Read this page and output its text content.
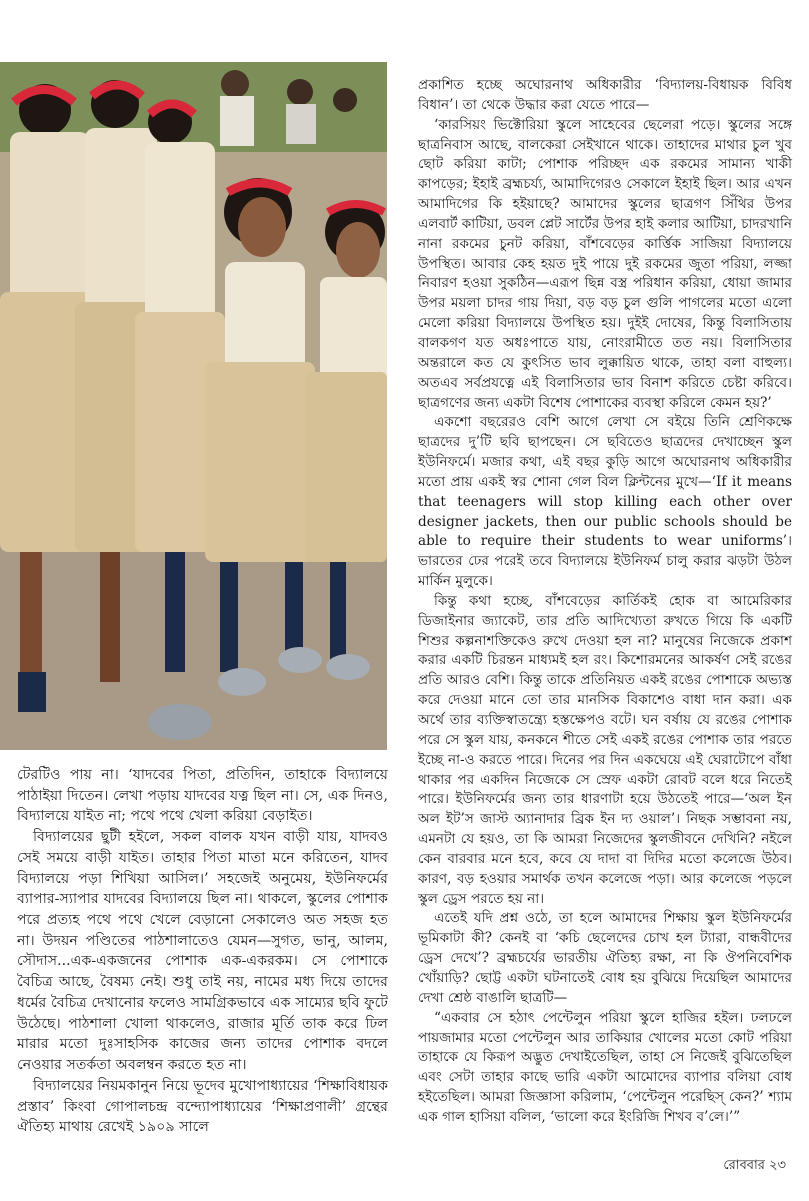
প্রকাশিত হচ্ছে অঘোরনাথ অধিকারীর ‘বিদ্যালয়-বিধায়ক বিবিধ বিধান’। তা থেকে উদ্ধার করা যেতে পারে—

‘কারসিয়ং ভিক্টোরিয়া স্কুলে সাহেবের ছেলেরা পড়ে। স্কুলের সঙ্গে ছাত্রনিবাস আছে, বালকেরা সেইখানে থাকে। তাহাদের মাথার চুল খুব ছোট করিয়া কাটা; পোশাক পরিচ্ছদ এক রকমের সামান্য খাকী কাপড়ের; ইহাই ব্রহ্মচর্য্য, আমাদিগেরও সেকালে ইহাই ছিল। আর এখন আমাদিগের কি হইয়াছে? আমাদের স্কুলের ছাত্রগণ সিঁথির উপর এলবার্ট কাটিয়া, ডবল প্লেট সার্টের উপর হাই কলার আটিয়া, চাদরখানি নানা রকমের চুনট করিয়া, বাঁশবেড়ের কার্ত্তিক সাজিয়া বিদ্যালয়ে উপস্থিত। আবার কেহ হয়ত দুই পায়ে দুই রকমের জুতা পরিয়া, লজ্জা নিবারণ হওয়া সুকঠিন—এরূপ ছিন্ন বস্ত্র পরিধান করিয়া, ধোয়া জামার উপর ময়লা চাদর গায় দিয়া, বড় বড় চুল গুলি পাগলের মতো এলো মেলো করিয়া বিদ্যালয়ে উপস্থিত হয়। দুইই দোষের, কিন্তু বিলাসিতায় বালকগণ যত অধঃপাতে যায়, নোংরামীতে তত নয়। বিলাসিতার অন্তরালে কত যে কুৎসিত ভাব লুক্কায়িত থাকে, তাহা বলা বাহুল্য। অতএব সর্বপ্রযত্নে এই বিলাসিতার ভাব বিনাশ করিতে চেষ্টা করিবে। ছাত্রগণের জন্য একটা বিশেষ পোশাকের ব্যবস্থা করিলে কেমন হয়?’

একশো বছরেরও বেশি আগে লেখা সে বইয়ে তিনি শ্রেণিকক্ষে ছাত্রদের দু’টি ছবি ছাপছেন। সে ছবিতেও ছাত্রদের দেখাচ্ছেন স্কুল ইউনিফর্মে। মজার কথা, এই বছর কুড়ি আগে অঘোরনাথ অধিকারীর মতো প্রায় একই স্বর শোনা গেল বিল ক্লিন্টনের মুখে—‘If it means that teenagers will stop killing each other over designer jackets, then our public schools should be able to require their students to wear uniforms’। ভারতের ঢের পরেই তবে বিদ্যালয়ে ইউনিফর্ম চালু করার ঝড়টা উঠল মার্কিন মুলুকে।

কিন্তু কথা হচ্ছে, বাঁশবেড়ের কার্তিকই হোক বা আমেরিকার ডিজাইনার জ্যাকেট, তার প্রতি আদিখ্যেতা রুখতে গিয়ে কি একটি শিশুর কল্পনাশক্তিকেও রুখে দেওয়া হল না? মানুষের নিজেকে প্রকাশ করার একটি চিরন্তন মাধ্যমই হল রং। কিশোরমনের আকর্ষণ সেই রঙের প্রতি আরও বেশি। কিন্তু তাকে প্রতিনিয়ত একই রঙের পোশাকে অভ্যস্ত করে দেওয়া মানে তো তার মানসিক বিকাশেও বাধা দান করা। এক অর্থে তার ব্যক্তিস্বাতন্ত্র্যে হস্তক্ষেপও বটে। ঘন বর্ষায় যে রঙের পোশাক পরে সে স্কুল যায়, কনকনে শীতে সেই একই রঙের পোশাক তার পরতে ইচ্ছে না-ও করতে পারে। দিনের পর দিন একঘেয়ে এই ঘেরাটোপে বাঁধা থাকার পর একদিন নিজেকে সে স্রেফ একটা রোবট বলে ধরে নিতেই পারে। ইউনিফর্মের জন্য তার ধারণাটা হয়ে উঠতেই পারে—‘অল ইন অল ইট’স জাস্ট অ্যানাদার ব্রিক ইন দ্য ওয়াল’। নিছক সম্ভাবনা নয়, এমনটা যে হয়ও, তা কি আমরা নিজেদের স্কুলজীবনে দেখিনি? নইলে কেন বারবার মনে হবে, কবে যে দাদা বা দিদির মতো কলেজে উঠব। কারণ, বড় হওয়ার সমার্থক তখন কলেজে পড়া। আর কলেজে পড়লে স্কুল ড্রেস পরতে হয় না।

এতেই যদি প্রশ্ন ওঠে, তা হলে আমাদের শিক্ষায় স্কুল ইউনিফর্মের ভূমিকাটা কী? কেনই বা ‘কচি ছেলেদের চোখ হল ট্যারা, বান্ধবীদের ড্রেস দেখে’? ব্রহ্মচর্যের ভারতীয় ঐতিহ্য রক্ষা, না কি ঔপনিবেশিক খোঁয়াড়ি? ছোট্ট একটা ঘটনাতেই বোধ হয় বুঝিয়ে দিয়েছিল আমাদের দেখা শ্রেষ্ঠ বাঙালি ছাত্রটি—

“একবার সে হঠাৎ পেন্টেলুন পরিয়া স্কুলে হাজির হইল। ঢলঢলে পায়জামার মতো পেন্টেলুন আর তাকিয়ার খোলের মতো কোট পরিয়া তাহাকে যে কিরূপ অদ্ভুত দেখাইতেছিল, তাহা সে নিজেই বুঝিতেছিল এবং সেটা তাহার কাছে ভারি একটা আমোদের ব্যাপার বলিয়া বোধ হইতেছিল। আমরা জিজ্ঞাসা করিলাম, ‘পেন্টেলুন পরেছিস্ কেন?’ শ্যাম এক গাল হাসিয়া বলিল, ‘ভালো করে ইংরিজি শিখব ব’লে।’”

টেরটিও পায় না। ‘যাদবের পিতা, প্রতিদিন, তাহাকে বিদ্যালয়ে পাঠাইয়া দিতেন। লেখা পড়ায় যাদবের যত্ন ছিল না। সে, এক দিনও, বিদ্যালয়ে যাইত না; পথে পথে খেলা করিয়া বেড়াইত।

বিদ্যালয়ের ছুটী হইলে, সকল বালক যখন বাড়ী যায়, যাদবও সেই সময়ে বাড়ী যাইত। তাহার পিতা মাতা মনে করিতেন, যাদব বিদ্যালয়ে পড়া শিখিয়া আসিল।’ সহজেই অনুমেয়, ইউনিফর্মের ব্যাপার-স্যাপার যাদবের বিদ্যালয়ে ছিল না। থাকলে, স্কুলের পোশাক পরে প্রত্যহ পথে পথে খেলে বেড়ানো সেকালেও অত সহজ হত না। উদয়ন পণ্ডিতের পাঠশালাতেও যেমন—সুগত, ভানু, আলম, সৌদাস...এক-একজনের পোশাক এক-একরকম। সে পোশাকে বৈচিত্র আছে, বৈষম্য নেই। শুধু তাই নয়, নামের মধ্য দিয়ে তাদের ধর্মের বৈচিত্র দেখানোর ফলেও সামগ্রিকভাবে এক সাম্যের ছবি ফুটে উঠেছে। পাঠশালা খোলা থাকলেও, রাজার মূর্তি তাক করে ঢিল মারার মতো দুঃসাহসিক কাজের জন্য তাদের পোশাক বদলে নেওয়ার সতর্কতা অবলম্বন করতে হত না।

বিদ্যালয়ের নিয়মকানুন নিয়ে ভূদেব মুখোপাধ্যায়ের ‘শিক্ষাবিধায়ক প্রস্তাব’ কিংবা গোপালচন্দ্র বন্দ্যোপাধ্যায়ের ‘শিক্ষাপ্রণালী’ গ্রন্থের ঐতিহ্য মাথায় রেখেই ১৯০৯ সালে

রোববার ২৩
